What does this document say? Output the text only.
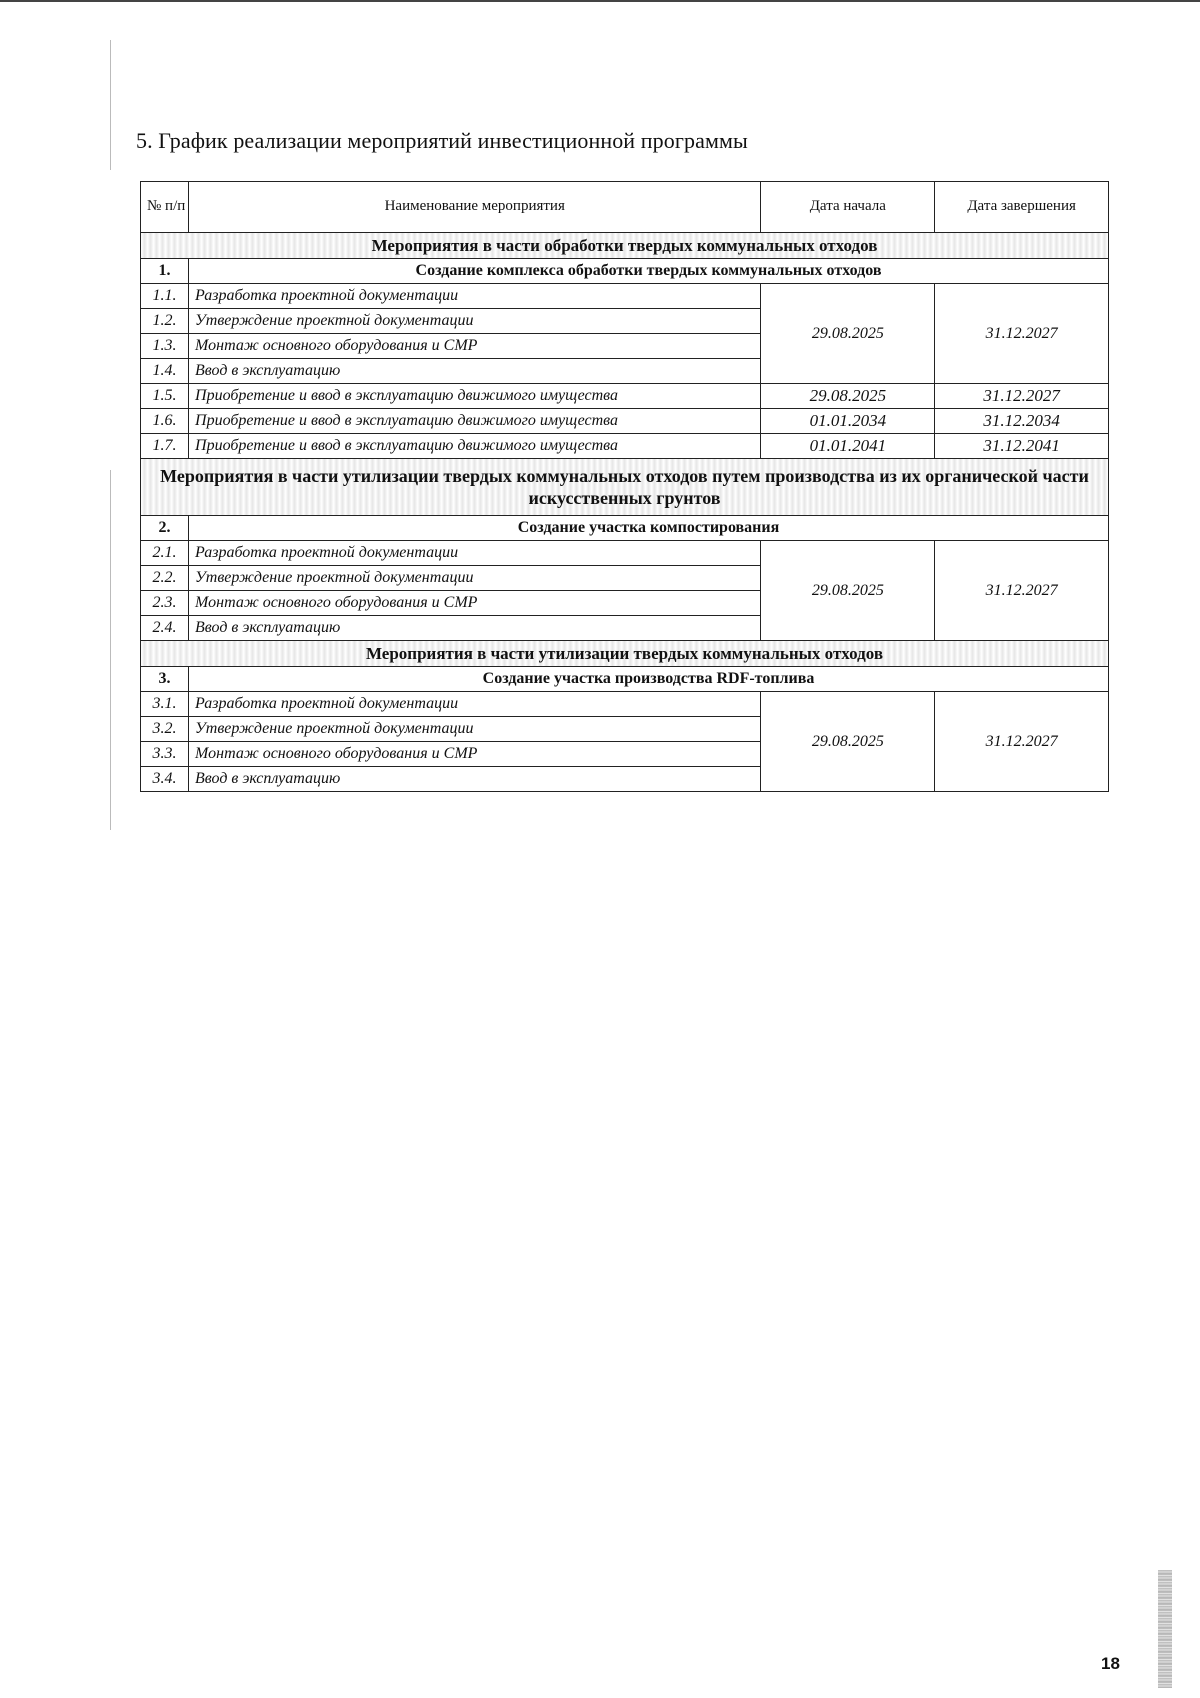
5. График реализации мероприятий инвестиционной программы
№ п/п	Наименование мероприятия	Дата начала	Дата завершения
Мероприятия в части обработки твердых коммунальных отходов			
1.	Создание комплекса обработки твердых коммунальных отходов		
1.1.	Разработка проектной документации	29.08.2025	31.12.2027
1.2.	Утверждение проектной документации		
1.3.	Монтаж основного оборудования и СМР		
1.4.	Ввод в эксплуатацию		
1.5.	Приобретение и ввод в эксплуатацию движимого имущества	29.08.2025	31.12.2027
1.6.	Приобретение и ввод в эксплуатацию движимого имущества	01.01.2034	31.12.2034
1.7.	Приобретение и ввод в эксплуатацию движимого имущества	01.01.2041	31.12.2041
Мероприятия в части утилизации твердых коммунальных отходов путем производства из их органической части искусственных грунтов			
2.	Создание участка компостирования		
2.1.	Разработка проектной документации	29.08.2025	31.12.2027
2.2.	Утверждение проектной документации		
2.3.	Монтаж основного оборудования и СМР		
2.4.	Ввод в эксплуатацию		
Мероприятия в части утилизации твердых коммунальных отходов			
3.	Создание участка производства RDF-топлива		
3.1.	Разработка проектной документации	29.08.2025	31.12.2027
3.2.	Утверждение проектной документации		
3.3.	Монтаж основного оборудования и СМР		
3.4.	Ввод в эксплуатацию		
18
